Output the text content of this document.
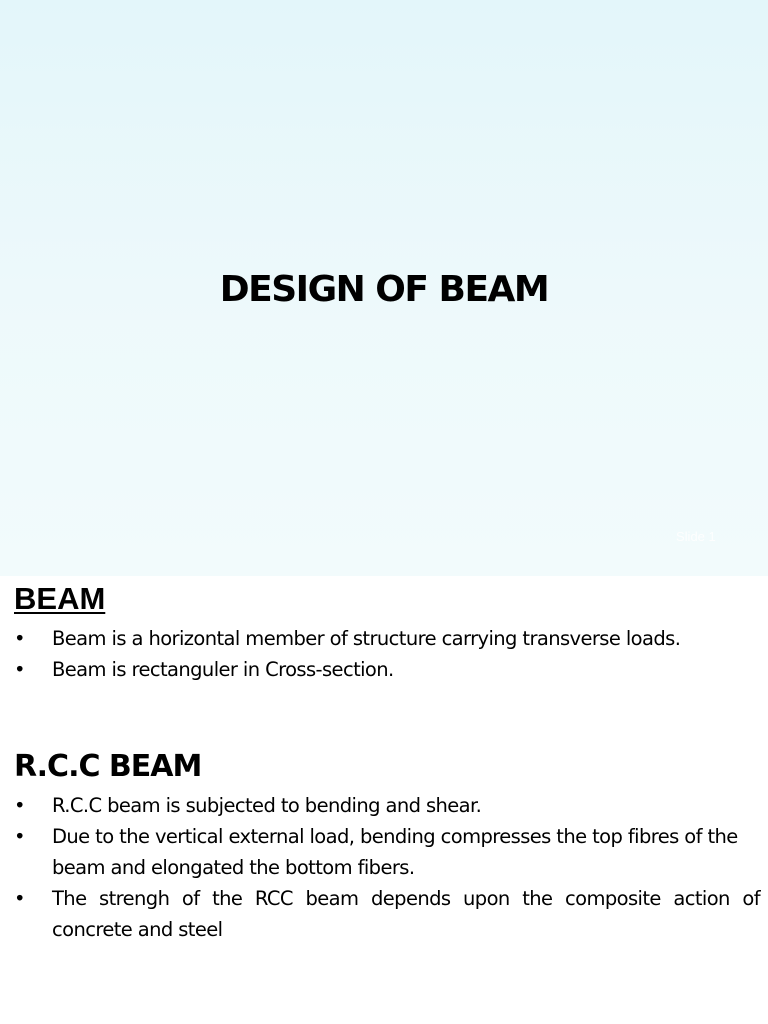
DESIGN OF BEAM
Slide 1
BEAM
• Beam is a horizontal member of structure carrying transverse loads.
• Beam is rectanguler in Cross-section.
R.C.C BEAM
• R.C.C beam is subjected to bending and shear.
• Due to the vertical external load, bending compresses the top fibres of the beam and elongated the bottom fibers.
• The strengh of the RCC beam depends upon the composite action of concrete and steel
